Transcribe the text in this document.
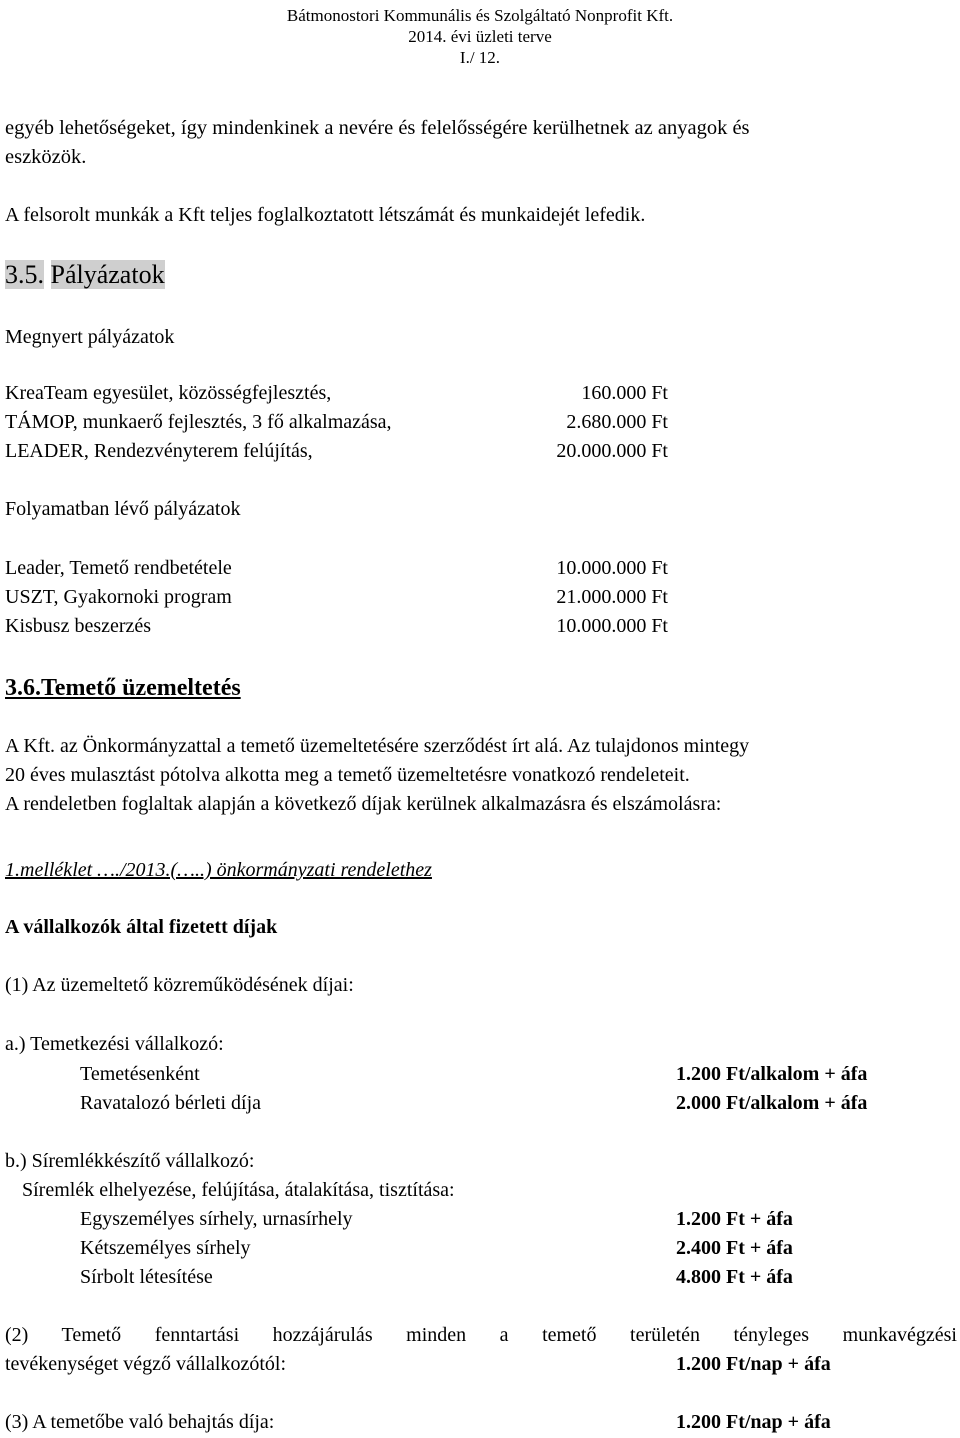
Bátmonostori Kommunális és Szolgáltató Nonprofit Kft.
2014. évi üzleti terve
I./ 12.
egyéb lehetőségeket, így mindenkinek a nevére és felelősségére kerülhetnek az anyagok és
eszközök.
A felsorolt munkák a Kft teljes foglalkoztatott létszámát és munkaidejét lefedik.
3.5. Pályázatok
Megnyert pályázatok
KreaTeam egyesület, közösségfejlesztés,	160.000 Ft
TÁMOP, munkaerő fejlesztés, 3 fő alkalmazása,	2.680.000 Ft
LEADER, Rendezvényterem felújítás,	20.000.000 Ft
Folyamatban lévő pályázatok
Leader, Temető rendbetétele	10.000.000 Ft
USZT, Gyakornoki program	21.000.000 Ft
Kisbusz beszerzés	10.000.000 Ft
3.6.Temető üzemeltetés
A Kft. az Önkormányzattal a temető üzemeltetésére szerződést írt alá. Az tulajdonos mintegy
20 éves mulasztást pótolva alkotta meg a temető üzemeltetésre vonatkozó rendeleteit.
A rendeletben foglaltak alapján a következő díjak kerülnek alkalmazásra és elszámolásra:
1.melléklet …./2013.(…..) önkormányzati rendelethez
A vállalkozók által fizetett díjak
(1) Az üzemeltető közreműködésének díjai:
a.) Temetkezési vállalkozó:
Temetésenként	1.200 Ft/alkalom + áfa
Ravatalozó bérleti díja	2.000 Ft/alkalom + áfa
b.) Síremlékkészítő vállalkozó:
Síremlék elhelyezése, felújítása, átalakítása, tisztítása:
Egyszemélyes sírhely, urnasírhely	1.200 Ft + áfa
Kétszemélyes sírhely	2.400 Ft + áfa
Sírbolt létesítése	4.800 Ft + áfa
(2) Temető fenntartási hozzájárulás minden a temető területén tényleges munkavégzési
tevékenységet végző vállalkozótól:	1.200 Ft/nap + áfa
(3) A temetőbe való behajtás díja:	1.200 Ft/nap + áfa
